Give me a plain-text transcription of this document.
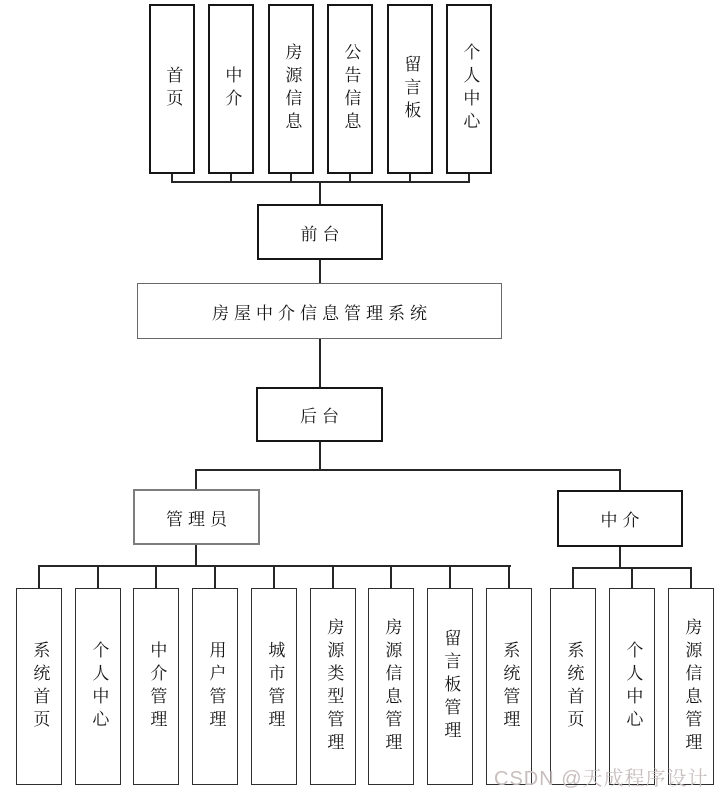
首页 中介 房源信息 公告信息 留言板 个人中心
前台
房屋中介信息管理系统
后台
管理员	中介
系统首页 个人中心 中介管理 用户管理 城市管理 房源类型管理 房源信息管理 留言板管理 系统管理	系统首页 个人中心 房源信息管理
CSDN @天成程序设计
